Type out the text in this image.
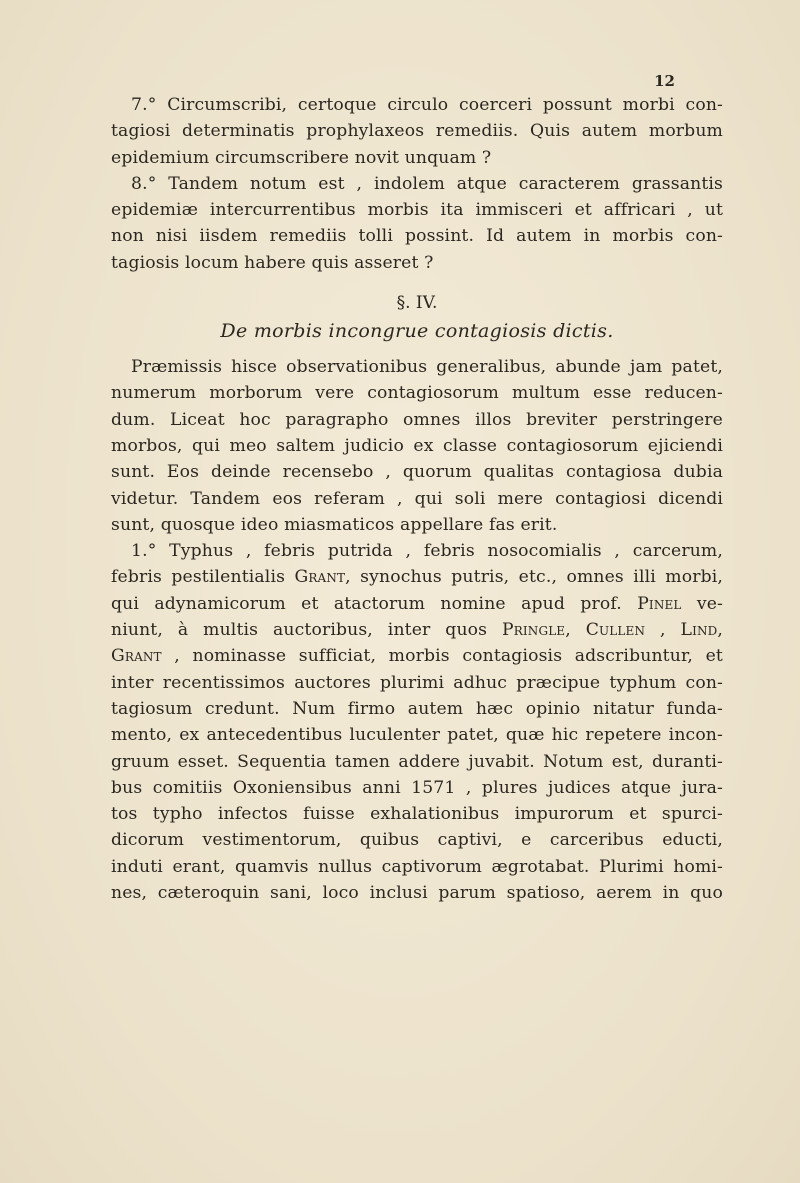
12
7.° Circumscribi, certoque circulo coerceri possunt morbi con-
tagiosi determinatis prophylaxeos remediis. Quis autem morbum
epidemium circumscribere novit unquam ?
8.° Tandem notum est , indolem atque caracterem grassantis
epidemiæ intercurrentibus morbis ita immisceri et affricari , ut
non nisi iisdem remediis tolli possint. Id autem in morbis con-
tagiosis locum habere quis asseret ?
§. IV.
De morbis incongrue contagiosis dictis.
Præmissis hisce observationibus generalibus, abunde jam patet,
numerum morborum vere contagiosorum multum esse reducen-
dum. Liceat hoc paragrapho omnes illos breviter perstringere
morbos, qui meo saltem judicio ex classe contagiosorum ejiciendi
sunt. Eos deinde recensebo , quorum qualitas contagiosa dubia
videtur. Tandem eos referam , qui soli mere contagiosi dicendi
sunt, quosque ideo miasmaticos appellare fas erit.
1.° Typhus , febris putrida , febris nosocomialis , carcerum,
febris pestilentialis Grant, synochus putris, etc., omnes illi morbi,
qui adynamicorum et atactorum nomine apud prof. Pinel ve-
niunt, à multis auctoribus, inter quos Pringle, Cullen , Lind,
Grant , nominasse sufficiat, morbis contagiosis adscribuntur, et
inter recentissimos auctores plurimi adhuc præcipue typhum con-
tagiosum credunt. Num firmo autem hæc opinio nitatur funda-
mento, ex antecedentibus luculenter patet, quæ hic repetere incon-
gruum esset. Sequentia tamen addere juvabit. Notum est, duranti-
bus comitiis Oxoniensibus anni 1571 , plures judices atque jura-
tos typho infectos fuisse exhalationibus impurorum et spurci-
dicorum vestimentorum, quibus captivi, e carceribus educti,
induti erant, quamvis nullus captivorum ægrotabat. Plurimi homi-
nes, cæteroquin sani, loco inclusi parum spatioso, aerem in quo
